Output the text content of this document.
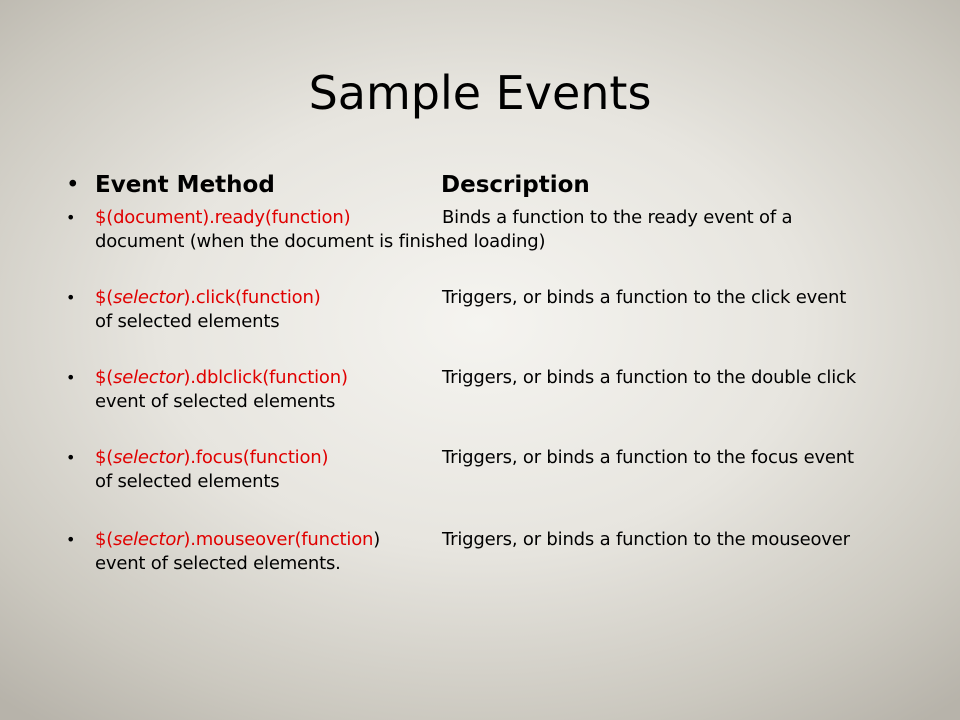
Sample Events
• Event Method	Description
• $(document).ready(function)	Binds a function to the ready event of a
document (when the document is finished loading)
• $(selector).click(function)	Triggers, or binds a function to the click event
of selected elements
• $(selector).dblclick(function)	Triggers, or binds a function to the double click
event of selected elements
• $(selector).focus(function)	Triggers, or binds a function to the focus event
of selected elements
• $(selector).mouseover(function)	Triggers, or binds a function to the mouseover
event of selected elements.
